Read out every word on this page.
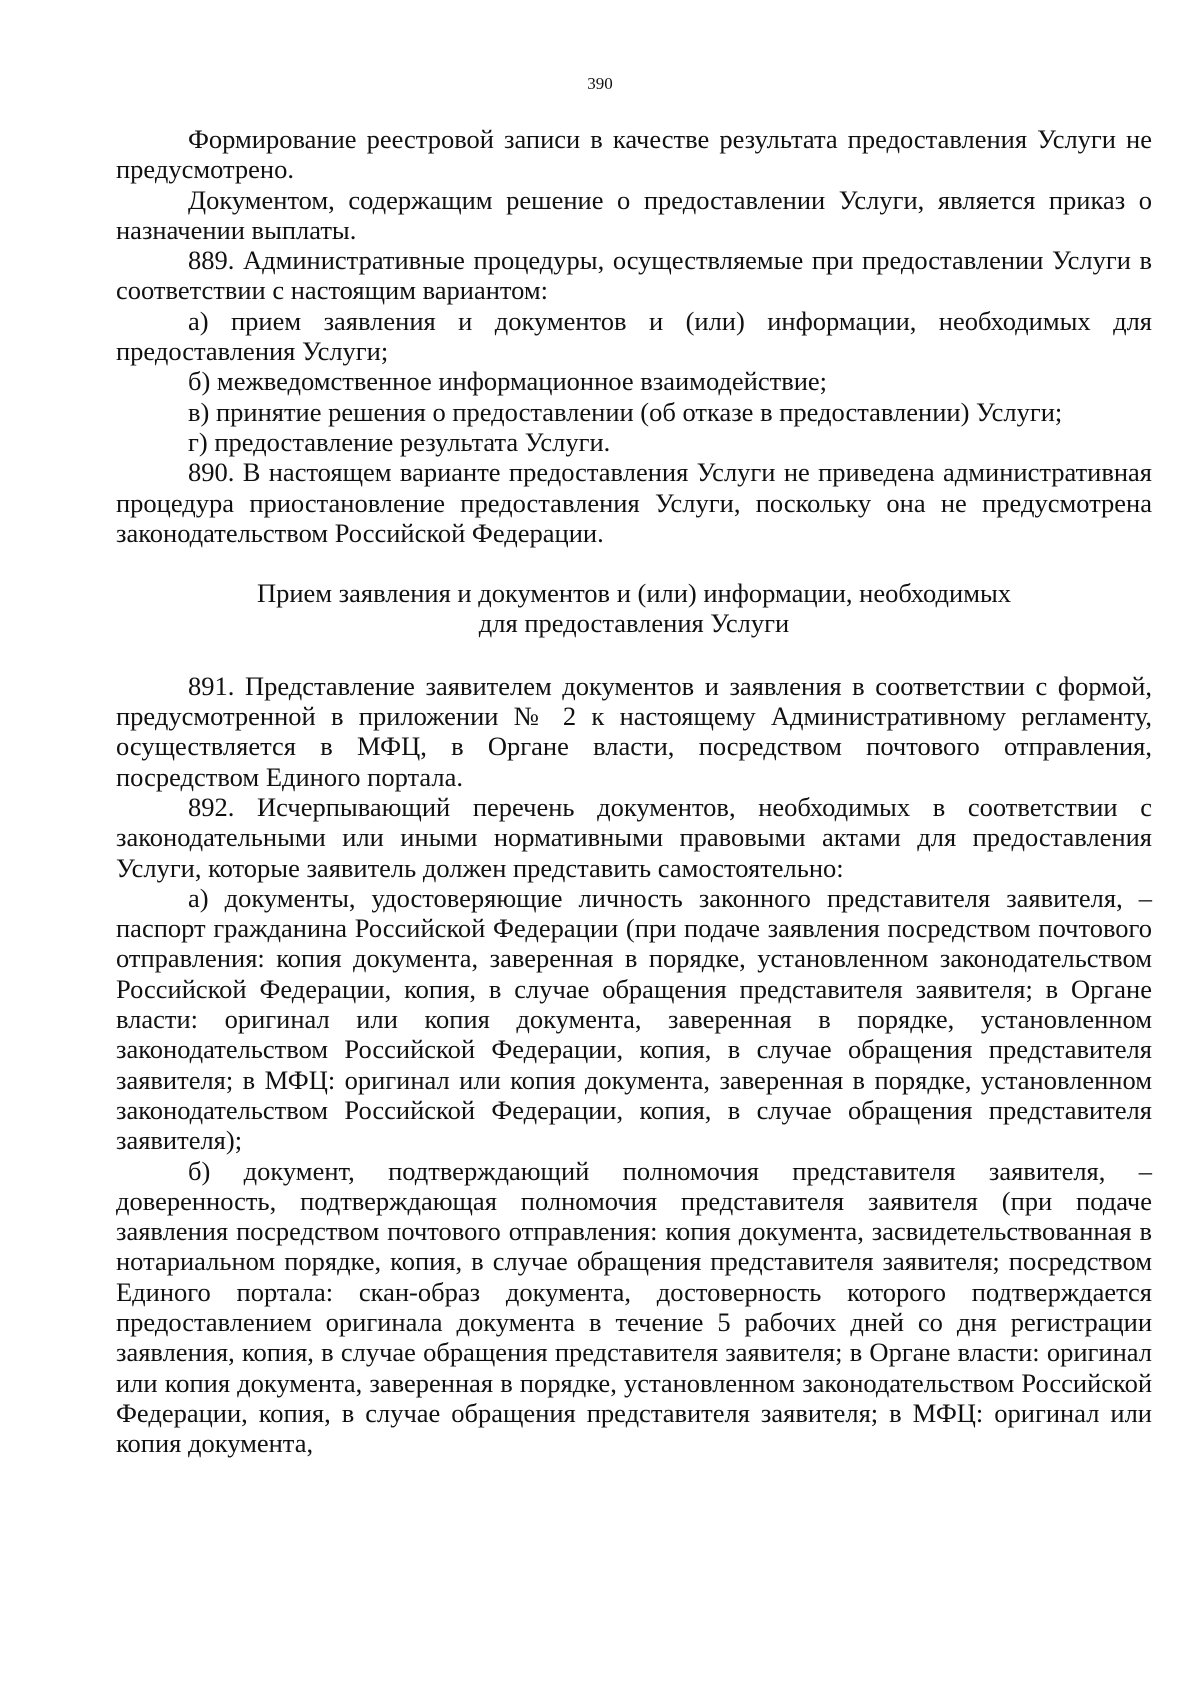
390

Формирование реестровой записи в качестве результата предоставления Услуги не предусмотрено.

Документом, содержащим решение о предоставлении Услуги, является приказ о назначении выплаты.

889. Административные процедуры, осуществляемые при предоставлении Услуги в соответствии с настоящим вариантом:

а) прием заявления и документов и (или) информации, необходимых для предоставления Услуги;

б) межведомственное информационное взаимодействие;

в) принятие решения о предоставлении (об отказе в предоставлении) Услуги;

г) предоставление результата Услуги.

890. В настоящем варианте предоставления Услуги не приведена административная процедура приостановление предоставления Услуги, поскольку она не предусмотрена законодательством Российской Федерации.

Прием заявления и документов и (или) информации, необходимых для предоставления Услуги

891. Представление заявителем документов и заявления в соответствии с формой, предусмотренной в приложении № 2 к настоящему Административному регламенту, осуществляется в МФЦ, в Органе власти, посредством почтового отправления, посредством Единого портала.

892. Исчерпывающий перечень документов, необходимых в соответствии с законодательными или иными нормативными правовыми актами для предоставления Услуги, которые заявитель должен представить самостоятельно:

а) документы, удостоверяющие личность законного представителя заявителя, – паспорт гражданина Российской Федерации (при подаче заявления посредством почтового отправления: копия документа, заверенная в порядке, установленном законодательством Российской Федерации, копия, в случае обращения представителя заявителя; в Органе власти: оригинал или копия документа, заверенная в порядке, установленном законодательством Российской Федерации, копия, в случае обращения представителя заявителя; в МФЦ: оригинал или копия документа, заверенная в порядке, установленном законодательством Российской Федерации, копия, в случае обращения представителя заявителя);

б) документ, подтверждающий полномочия представителя заявителя, – доверенность, подтверждающая полномочия представителя заявителя (при подаче заявления посредством почтового отправления: копия документа, засвидетельствованная в нотариальном порядке, копия, в случае обращения представителя заявителя; посредством Единого портала: скан-образ документа, достоверность которого подтверждается предоставлением оригинала документа в течение 5 рабочих дней со дня регистрации заявления, копия, в случае обращения представителя заявителя; в Органе власти: оригинал или копия документа, заверенная в порядке, установленном законодательством Российской Федерации, копия, в случае обращения представителя заявителя; в МФЦ: оригинал или копия документа,
